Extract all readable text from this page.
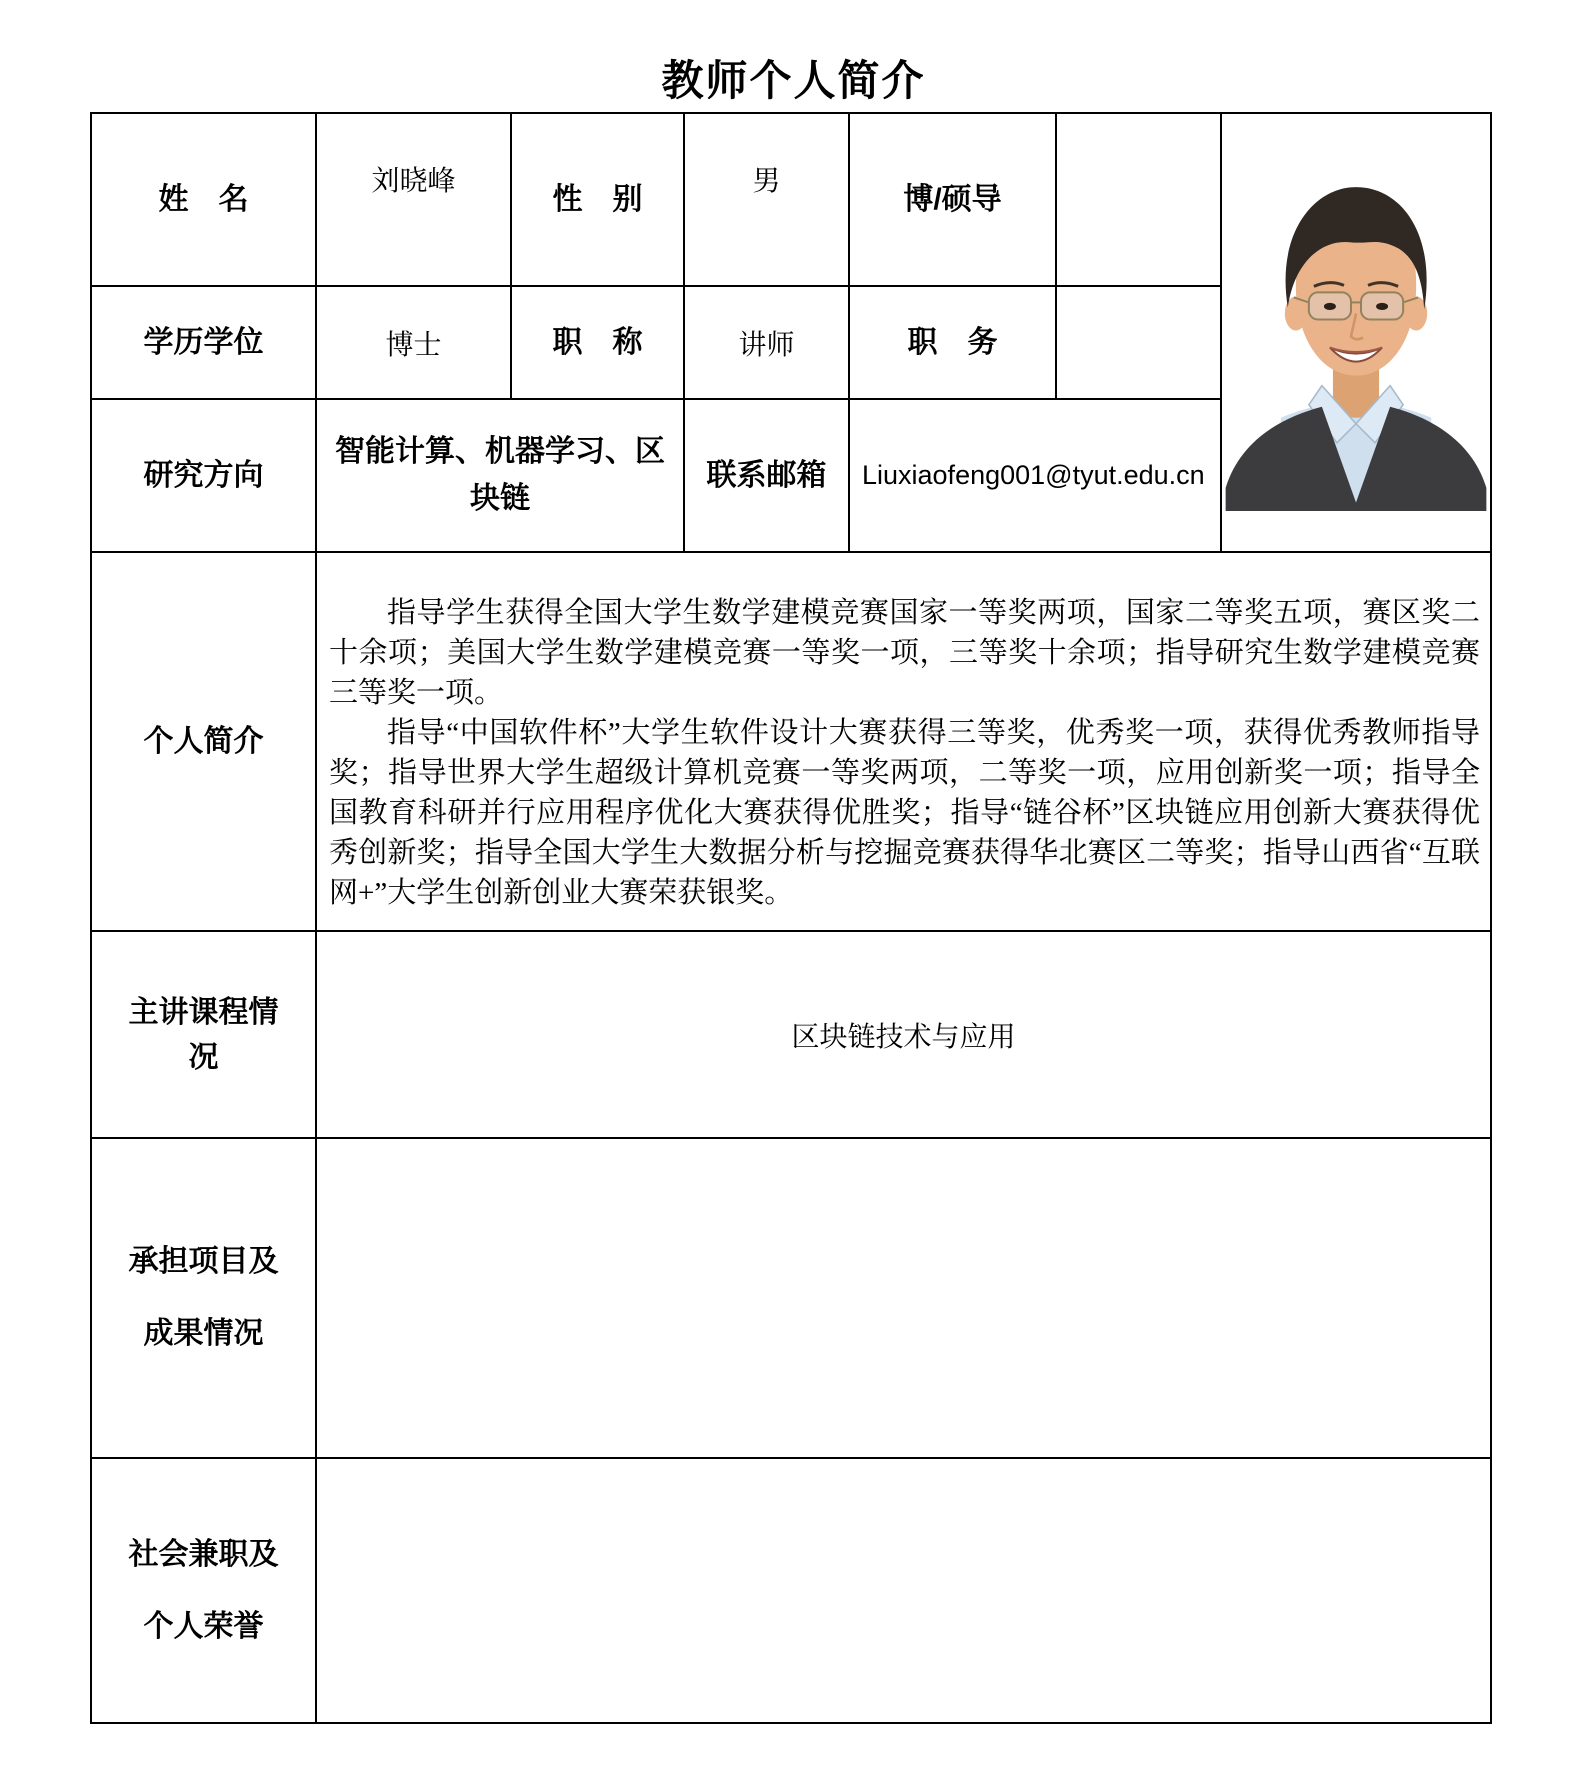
教师个人简介
姓　名	刘晓峰	性　别	男	博/硕导		

学历学位	博士	职　称	讲师	职　务		
研究方向	智能计算、机器学习、区块链		联系邮箱	Liuxiaofeng001@tyut.edu.cn		
个人简介	指导学生获得全国大学生数学建模竞赛国家一等奖两项，国家二等奖五项，赛区奖二十余项；美国大学生数学建模竞赛一等奖一项，三等奖十余项；指导研究生数学建模竞赛三等奖一项。

指导“中国软件杯”大学生软件设计大赛获得三等奖，优秀奖一项，获得优秀教师指导奖；指导世界大学生超级计算机竞赛一等奖两项，二等奖一项，应用创新奖一项；指导全国教育科研并行应用程序优化大赛获得优胜奖；指导“链谷杯”区块链应用创新大赛获得优秀创新奖；指导全国大学生大数据分析与挖掘竞赛获得华北赛区二等奖；指导山西省“互联网+”大学生创新创业大赛荣获银奖。					

主讲课程情
况	区块链技术与应用					

承担项目及
成果情况						

社会兼职及
个人荣誉						
